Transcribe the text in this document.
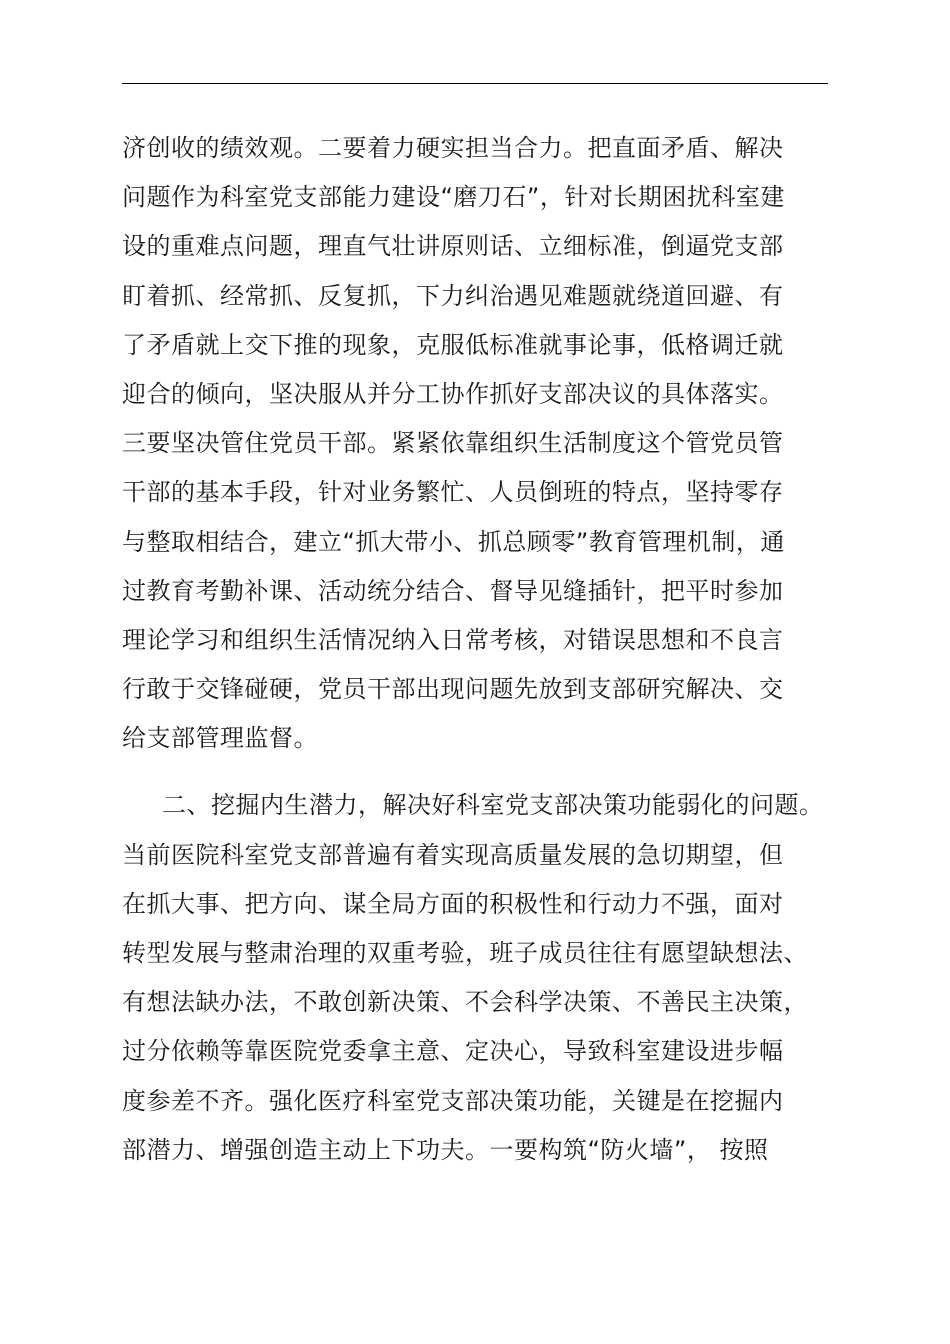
济创收的绩效观。二要着力硬实担当合力。把直面矛盾、解决
问题作为科室党支部能力建设“磨刀石”，针对长期困扰科室建
设的重难点问题，理直气壮讲原则话、立细标准，倒逼党支部
盯着抓、经常抓、反复抓，下力纠治遇见难题就绕道回避、有
了矛盾就上交下推的现象，克服低标准就事论事，低格调迁就
迎合的倾向，坚决服从并分工协作抓好支部决议的具体落实。
三要坚决管住党员干部。紧紧依靠组织生活制度这个管党员管
干部的基本手段，针对业务繁忙、人员倒班的特点，坚持零存
与整取相结合，建立“抓大带小、抓总顾零”教育管理机制，通
过教育考勤补课、活动统分结合、督导见缝插针，把平时参加
理论学习和组织生活情况纳入日常考核，对错误思想和不良言
行敢于交锋碰硬，党员干部出现问题先放到支部研究解决、交
给支部管理监督。
二、挖掘内生潜力，解决好科室党支部决策功能弱化的问题。
当前医院科室党支部普遍有着实现高质量发展的急切期望，但
在抓大事、把方向、谋全局方面的积极性和行动力不强，面对
转型发展与整肃治理的双重考验，班子成员往往有愿望缺想法、
有想法缺办法，不敢创新决策、不会科学决策、不善民主决策，
过分依赖等靠医院党委拿主意、定决心，导致科室建设进步幅
度参差不齐。强化医疗科室党支部决策功能，关键是在挖掘内
部潜力、增强创造主动上下功夫。一要构筑“防火墙”， 按照
